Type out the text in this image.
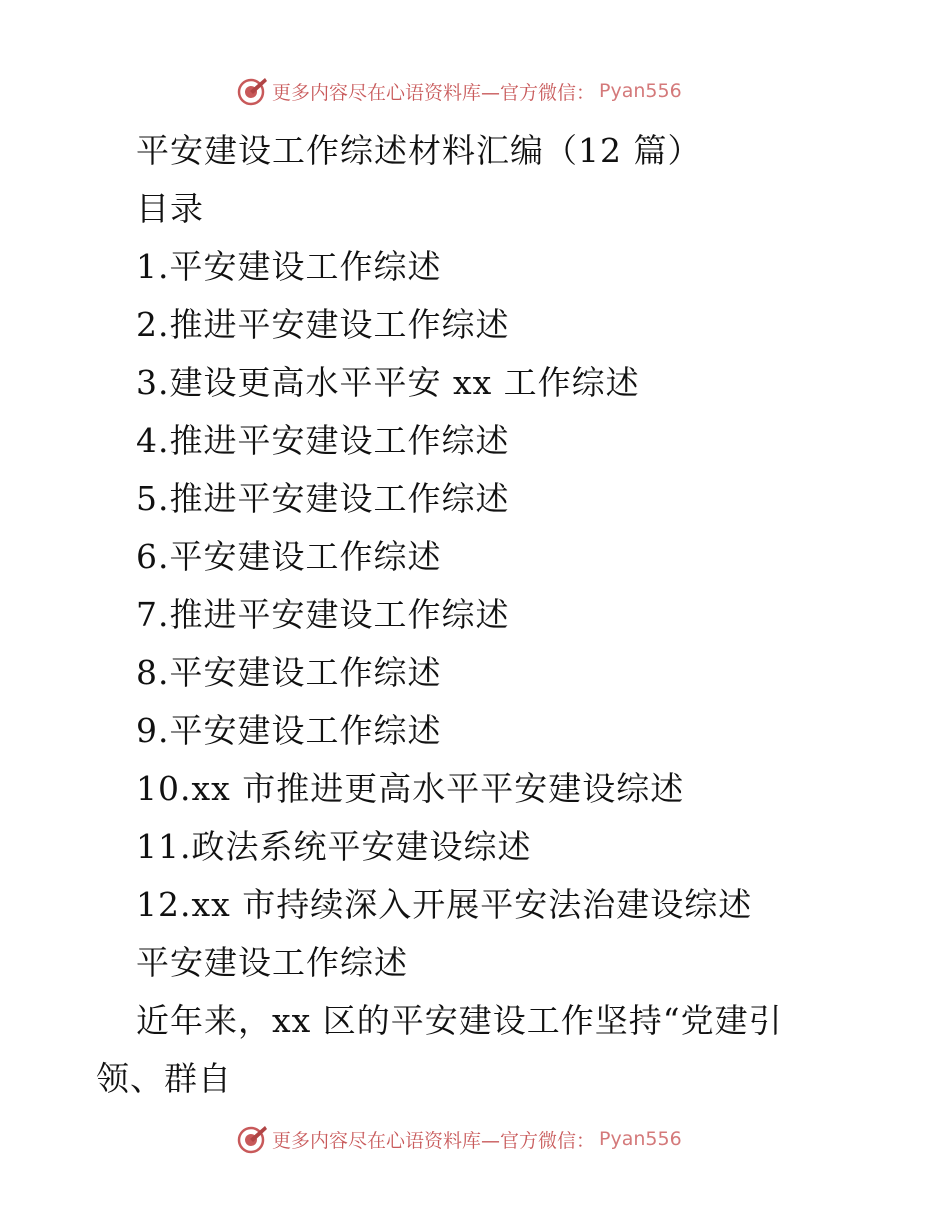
更多内容尽在心语资料库—官方微信： Pyan556
平安建设工作综述材料汇编（12 篇）
目录
1.平安建设工作综述
2.推进平安建设工作综述
3.建设更高水平平安 xx 工作综述
4.推进平安建设工作综述
5.推进平安建设工作综述
6.平安建设工作综述
7.推进平安建设工作综述
8.平安建设工作综述
9.平安建设工作综述
10.xx 市推进更高水平平安建设综述
11.政法系统平安建设综述
12.xx 市持续深入开展平安法治建设综述
平安建设工作综述
近年来，xx 区的平安建设工作坚持“党建引领、群自
更多内容尽在心语资料库—官方微信： Pyan556
